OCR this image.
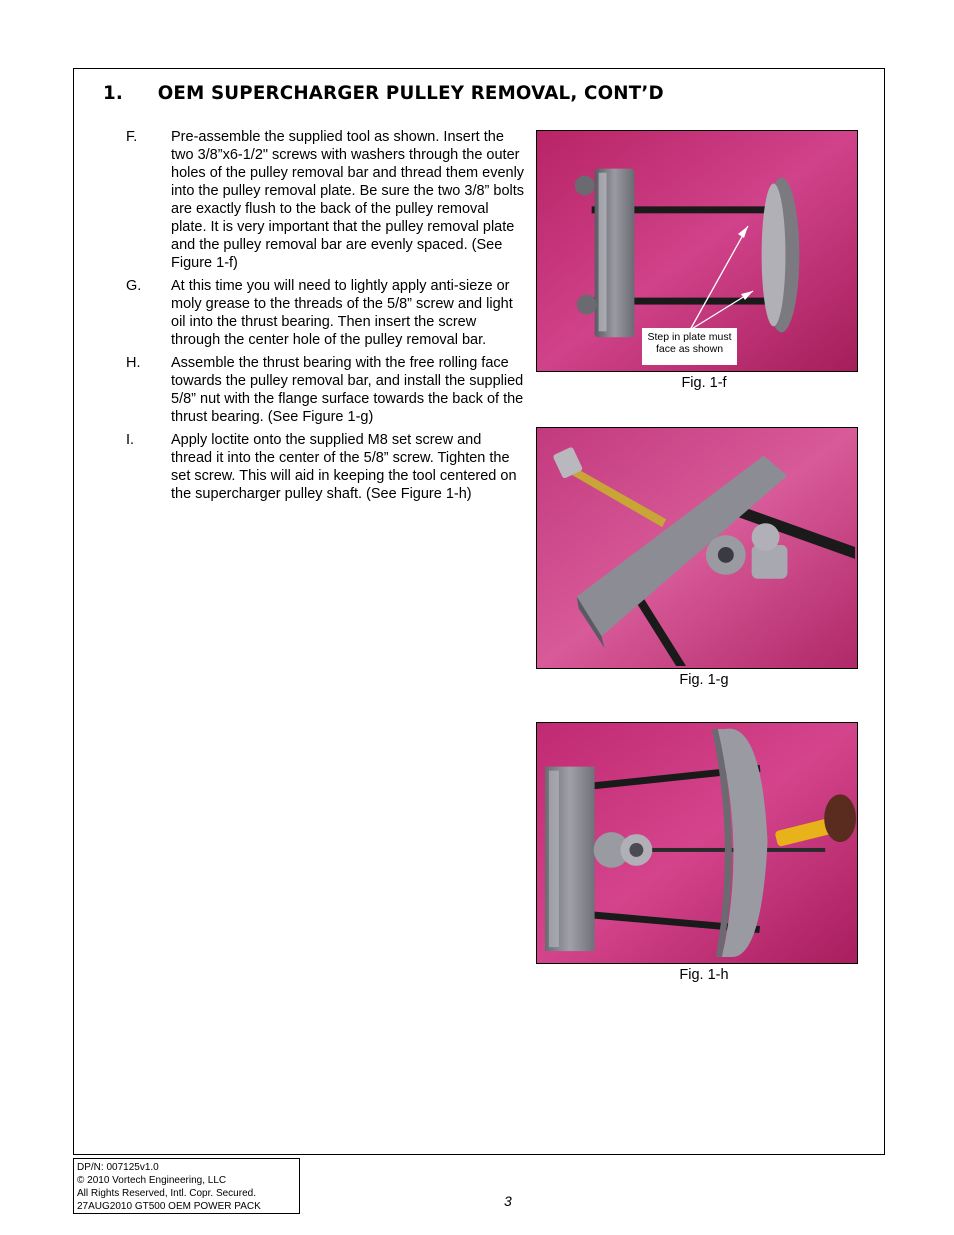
1. OEM SUPERCHARGER PULLEY REMOVAL, CONT’D
F.	Pre-assemble the supplied tool as shown. Insert the two 3/8”x6-1/2" screws with washers through the outer holes of the pulley removal bar and thread them evenly into the pulley removal plate. Be sure the two 3/8” bolts are exactly flush to the back of the pulley removal plate. It is very important that the pulley removal plate and the pulley removal bar are evenly spaced. (See Figure 1-f)
G.	At this time you will need to lightly apply anti-sieze or moly grease to the threads of the 5/8” screw and light oil into the thrust bearing. Then insert the screw through the center hole of the pulley removal bar.
H.	Assemble the thrust bearing with the free rolling face towards the pulley removal bar, and install the supplied 5/8” nut with the flange surface towards the back of the thrust bearing. (See Figure 1-g)
I.	Apply loctite onto the supplied M8 set screw and thread it into the center of the 5/8” screw. Tighten the set screw. This will aid in keeping the tool centered on the supercharger pulley shaft. (See Figure 1-h)
Step in plate must
face as shown
Fig. 1-f
Fig. 1-g
Fig. 1-h
DP/N: 007125v1.0
© 2010 Vortech Engineering, LLC
All Rights Reserved, Intl. Copr. Secured.
27AUG2010 GT500 OEM POWER PACK	3
